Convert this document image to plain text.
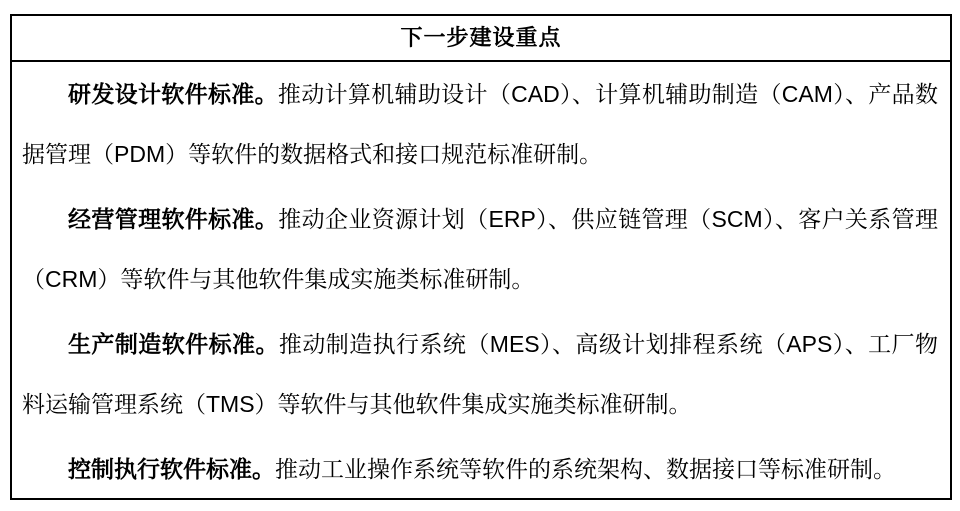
下一步建设重点

研发设计软件标准。推动计算机辅助设计（CAD）、计算机辅助制造（CAM）、产品数据管理（PDM）等软件的数据格式和接口规范标准研制。

经营管理软件标准。推动企业资源计划（ERP）、供应链管理（SCM）、客户关系管理（CRM）等软件与其他软件集成实施类标准研制。

生产制造软件标准。推动制造执行系统（MES）、高级计划排程系统（APS）、工厂物料运输管理系统（TMS）等软件与其他软件集成实施类标准研制。

控制执行软件标准。推动工业操作系统等软件的系统架构、数据接口等标准研制。
